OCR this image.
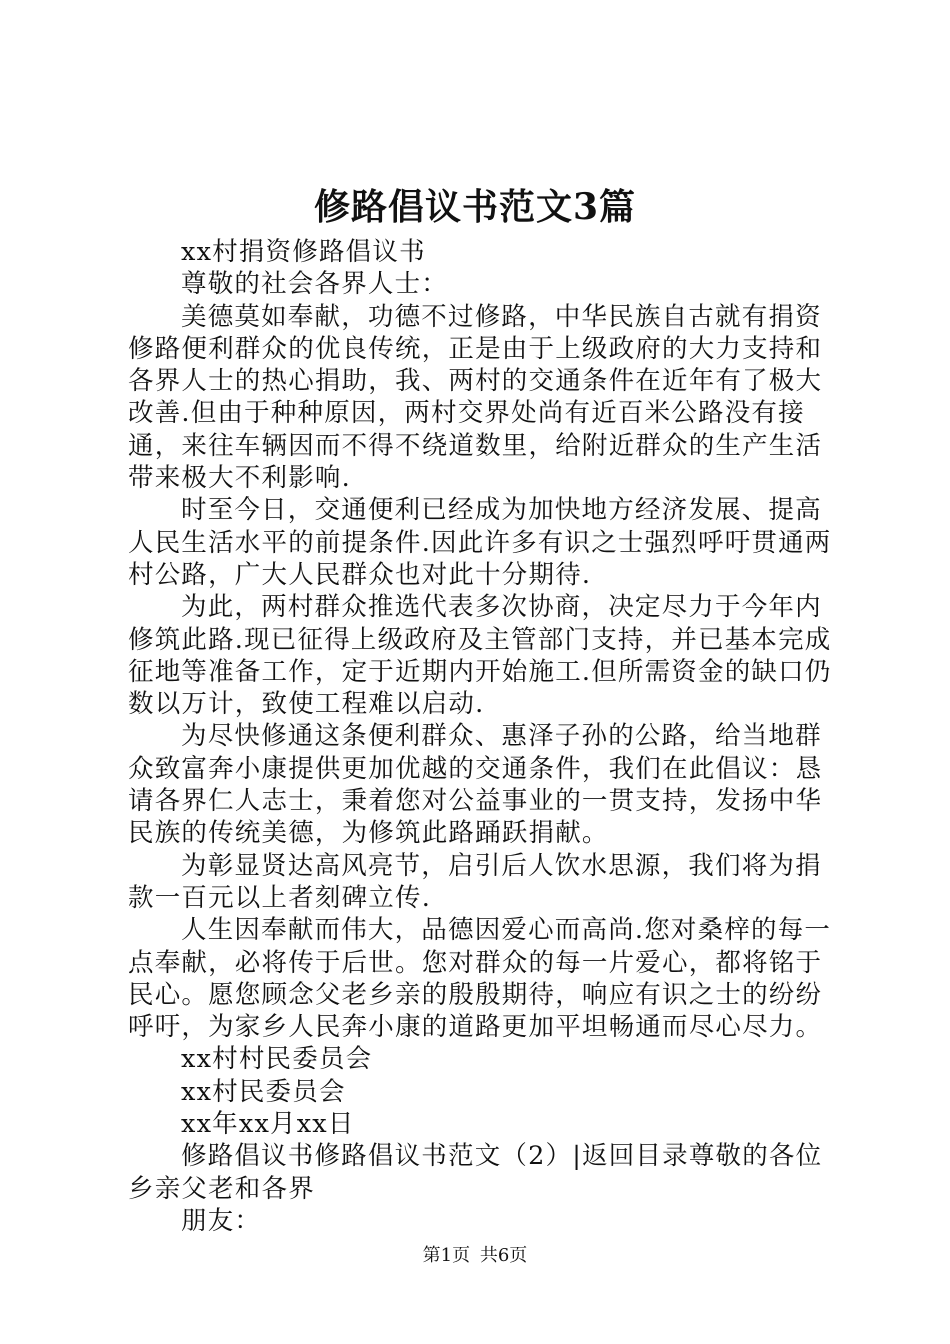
修路倡议书范文3篇

xx村捐资修路倡议书

尊敬的社会各界人士：

美德莫如奉献，功德不过修路，中华民族自古就有捐资修路便利群众的优良传统，正是由于上级政府的大力支持和各界人士的热心捐助，我、两村的交通条件在近年有了极大改善.但由于种种原因，两村交界处尚有近百米公路没有接通，来往车辆因而不得不绕道数里，给附近群众的生产生活带来极大不利影响.

时至今日，交通便利已经成为加快地方经济发展、提高人民生活水平的前提条件.因此许多有识之士强烈呼吁贯通两村公路，广大人民群众也对此十分期待.

为此，两村群众推选代表多次协商，决定尽力于今年内修筑此路.现已征得上级政府及主管部门支持，并已基本完成征地等准备工作，定于近期内开始施工.但所需资金的缺口仍数以万计，致使工程难以启动.

为尽快修通这条便利群众、惠泽子孙的公路，给当地群众致富奔小康提供更加优越的交通条件，我们在此倡议：恳请各界仁人志士，秉着您对公益事业的一贯支持，发扬中华民族的传统美德，为修筑此路踊跃捐献。

为彰显贤达高风亮节，启引后人饮水思源，我们将为捐款一百元以上者刻碑立传.

人生因奉献而伟大，品德因爱心而高尚.您对桑梓的每一点奉献，必将传于后世。您对群众的每一片爱心，都将铭于民心。愿您顾念父老乡亲的殷殷期待，响应有识之士的纷纷呼吁，为家乡人民奔小康的道路更加平坦畅通而尽心尽力。

xx村村民委员会

xx村民委员会

xx年xx月xx日

修路倡议书修路倡议书范文（2）|返回目录尊敬的各位乡亲父老和各界

朋友：

第1页 共6页
